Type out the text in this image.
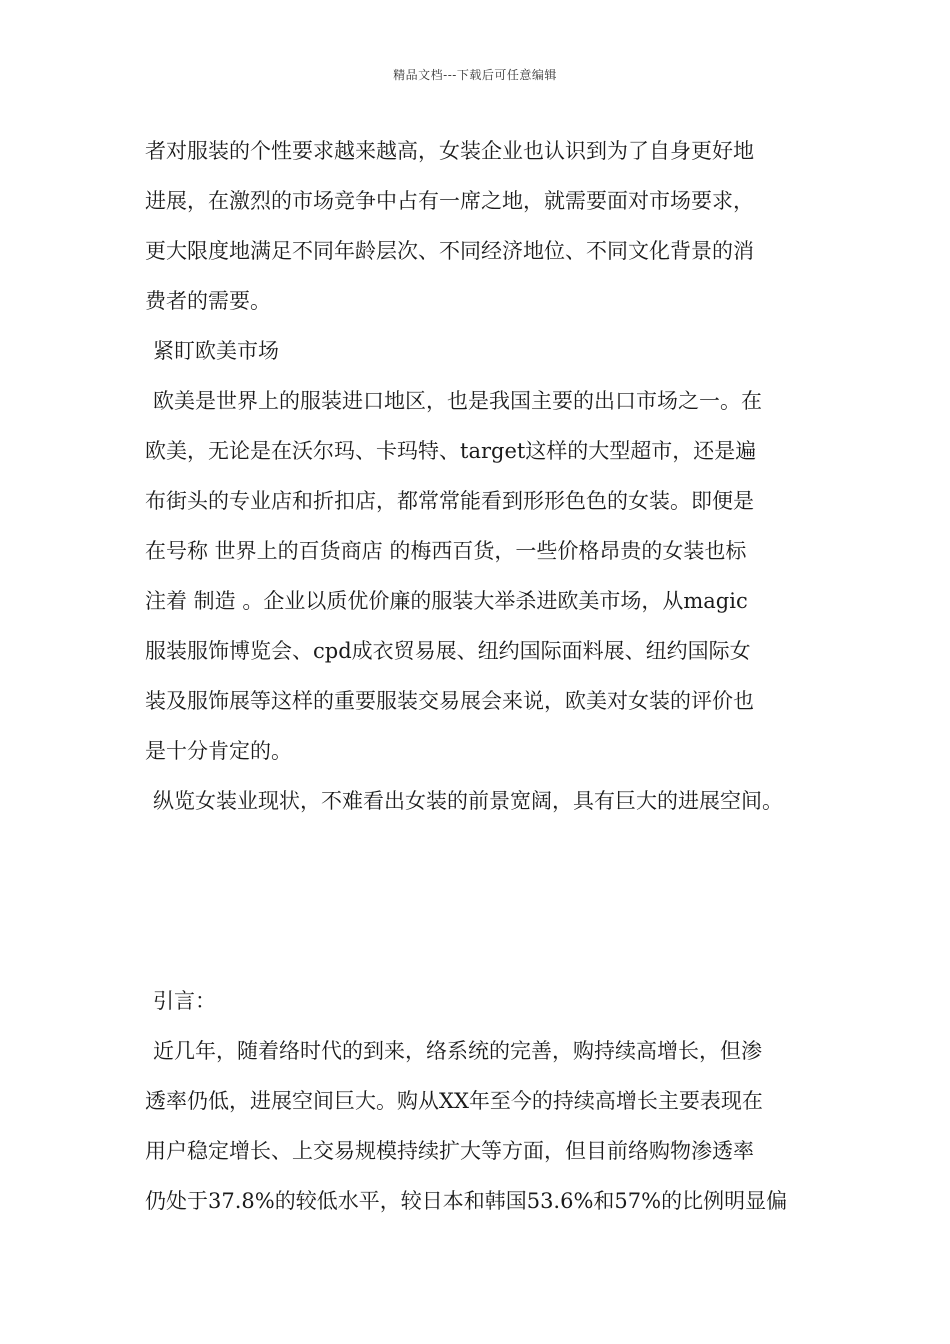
精品文档---下载后可任意编辑
者对服装的个性要求越来越高，女装企业也认识到为了自身更好地
进展，在激烈的市场竞争中占有一席之地，就需要面对市场要求，
更大限度地满足不同年龄层次、不同经济地位、不同文化背景的消
费者的需要。
紧盯欧美市场
欧美是世界上的服装进口地区，也是我国主要的出口市场之一。在
欧美，无论是在沃尔玛、卡玛特、target这样的大型超市，还是遍
布街头的专业店和折扣店，都常常能看到形形色色的女装。即便是
在号称 世界上的百货商店 的梅西百货，一些价格昂贵的女装也标
注着 制造 。企业以质优价廉的服装大举杀进欧美市场，从magic
服装服饰博览会、cpd成衣贸易展、纽约国际面料展、纽约国际女
装及服饰展等这样的重要服装交易展会来说，欧美对女装的评价也
是十分肯定的。
纵览女装业现状，不难看出女装的前景宽阔，具有巨大的进展空间。
引言：
近几年，随着络时代的到来，络系统的完善，购持续高增长，但渗
透率仍低，进展空间巨大。购从XX年至今的持续高增长主要表现在
用户稳定增长、上交易规模持续扩大等方面，但目前络购物渗透率
仍处于37.8%的较低水平，较日本和韩国53.6%和57%的比例明显偏
